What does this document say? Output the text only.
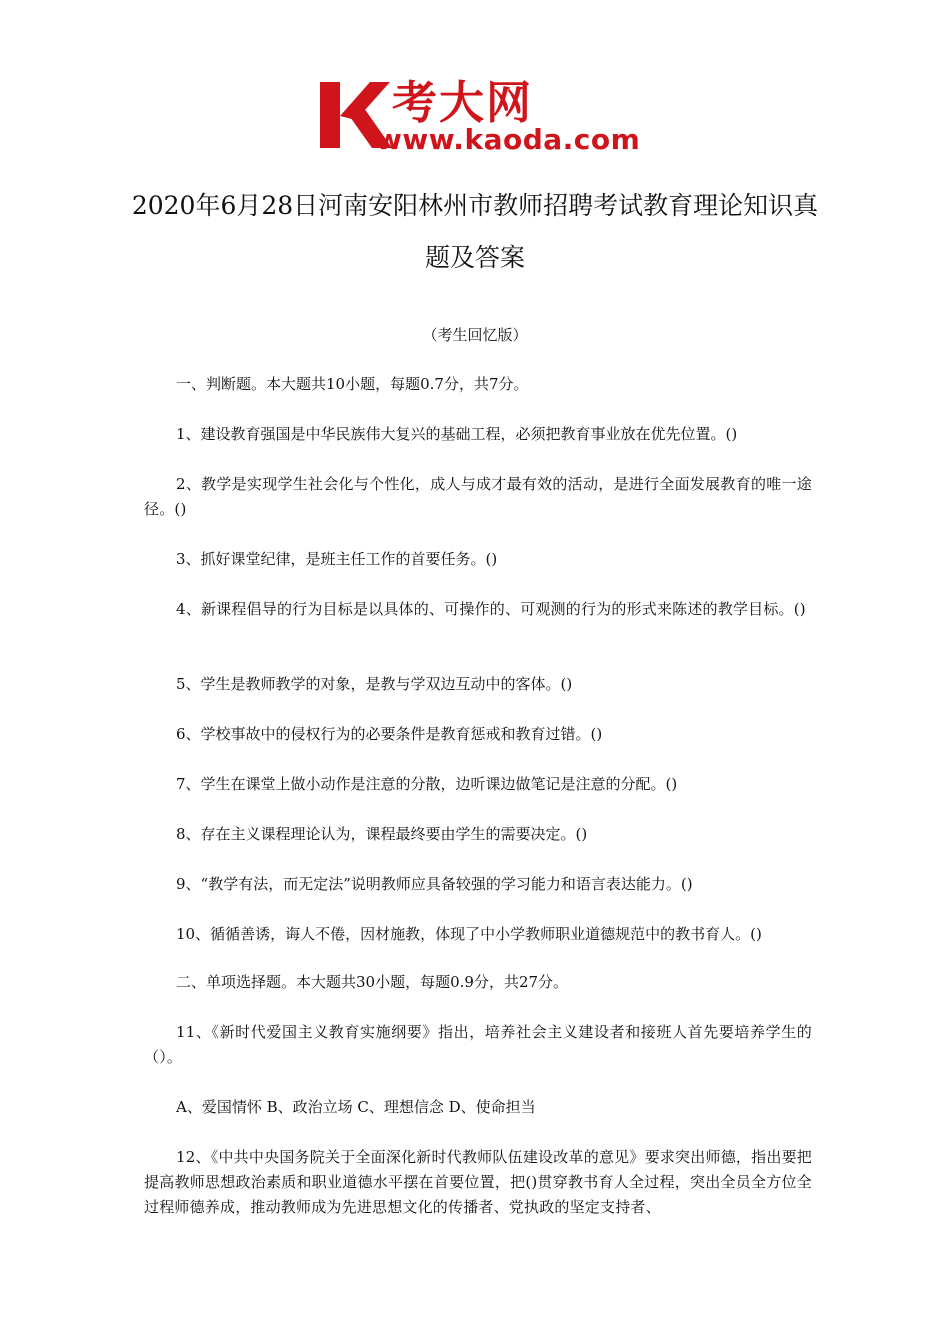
考大网
www.kaoda.com
2020年6月28日河南安阳林州市教师招聘考试教育理论知识真题及答案
（考生回忆版）
一、判断题。本大题共10小题，每题0.7分，共7分。
1、建设教育强国是中华民族伟大复兴的基础工程，必须把教育事业放在优先位置。()
2、教学是实现学生社会化与个性化，成人与成才最有效的活动，是进行全面发展教育的唯一途径。()
3、抓好课堂纪律，是班主任工作的首要任务。()
4、新课程倡导的行为目标是以具体的、可操作的、可观测的行为的形式来陈述的教学目标。()
5、学生是教师教学的对象，是教与学双边互动中的客体。()
6、学校事故中的侵权行为的必要条件是教育惩戒和教育过错。()
7、学生在课堂上做小动作是注意的分散，边听课边做笔记是注意的分配。()
8、存在主义课程理论认为，课程最终要由学生的需要决定。()
9、“教学有法，而无定法”说明教师应具备较强的学习能力和语言表达能力。()
10、循循善诱，诲人不倦，因材施教，体现了中小学教师职业道德规范中的教书育人。()
二、单项选择题。本大题共30小题，每题0.9分，共27分。
11、《新时代爱国主义教育实施纲要》指出，培养社会主义建设者和接班人首先要培养学生的（）。
A、爱国情怀 B、政治立场 C、理想信念 D、使命担当
12、《中共中央国务院关于全面深化新时代教师队伍建设改革的意见》要求突出师德，指出要把提高教师思想政治素质和职业道德水平摆在首要位置，把()贯穿教书育人全过程，突出全员全方位全过程师德养成，推动教师成为先进思想文化的传播者、党执政的坚定支持者、
